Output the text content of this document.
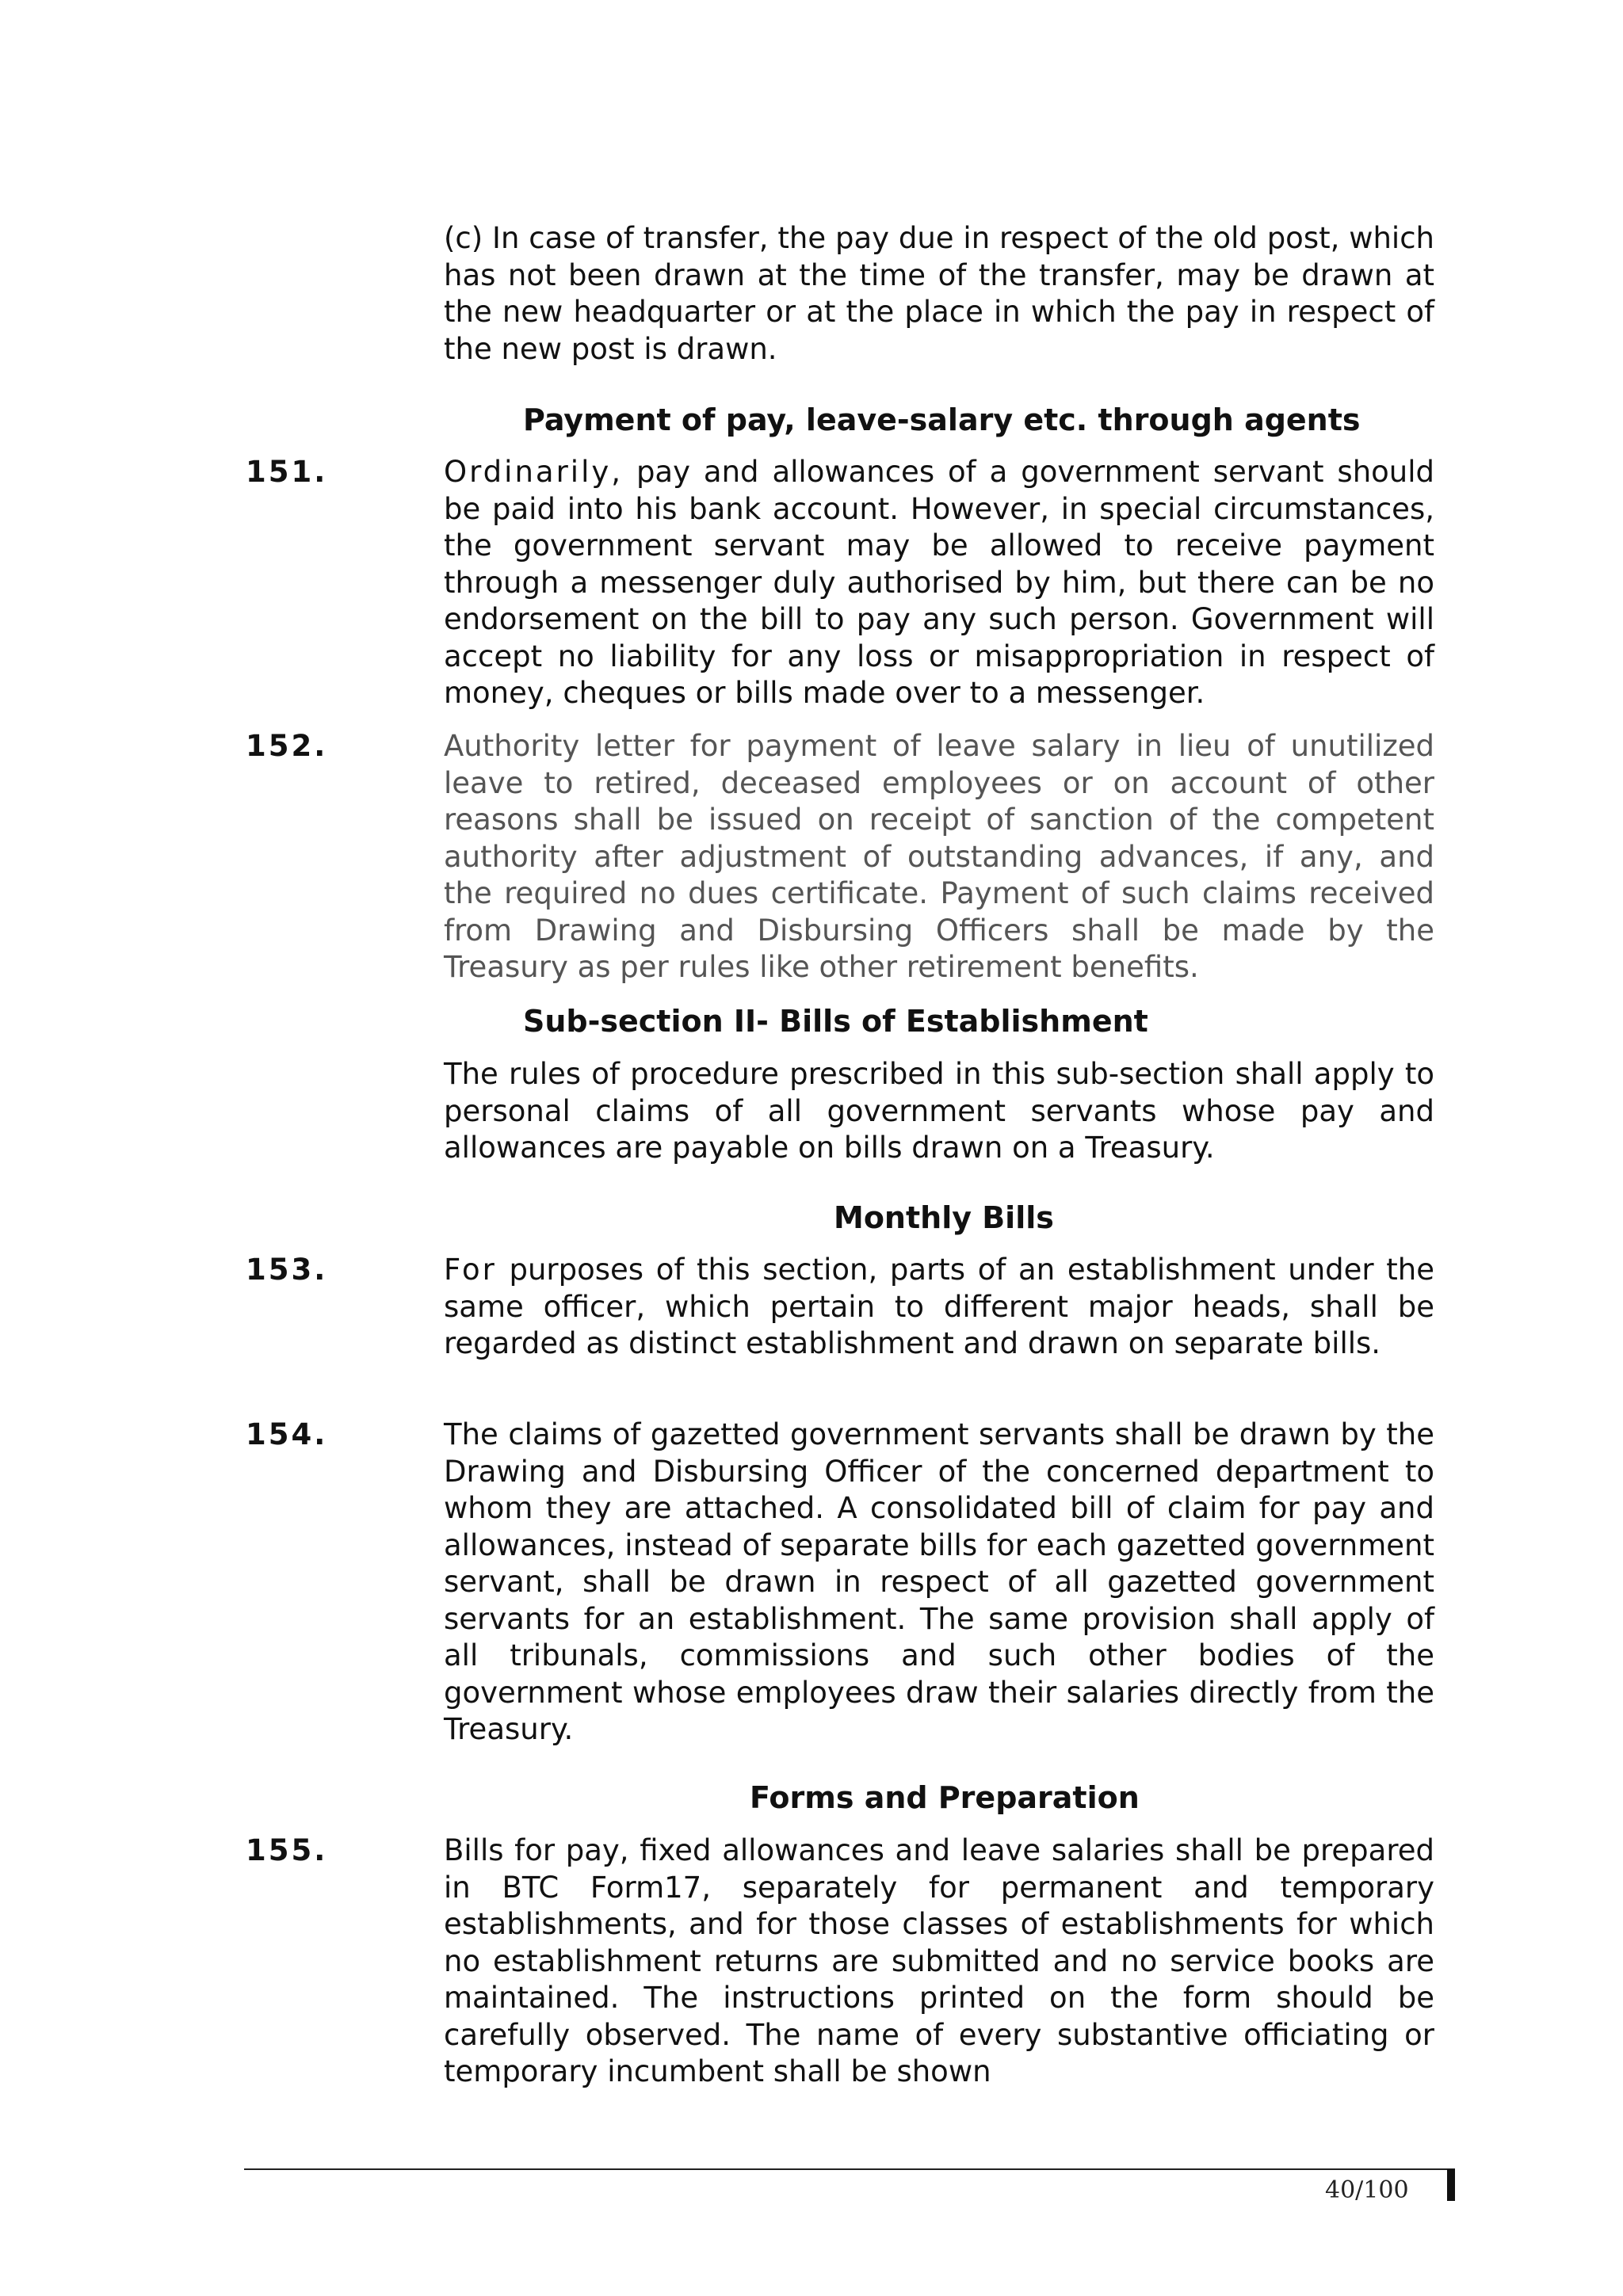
(c) In case of transfer, the pay due in respect of the old post, which has not been drawn at the time of the transfer, may be drawn at the new headquarter or at the place in which the pay in respect of the new post is drawn.

Payment of pay, leave-salary etc. through agents

151.	Ordinarily, pay and allowances of a government servant should be paid into his bank account. However, in special circumstances, the government servant may be allowed to receive payment through a messenger duly authorised by him, but there can be no endorsement on the bill to pay any such person. Government will accept no liability for any loss or misappropriation in respect of money, cheques or bills made over to a messenger.

152.	Authority letter for payment of leave salary in lieu of unutilized leave to retired, deceased employees or on account of other reasons shall be issued on receipt of sanction of the competent authority after adjustment of outstanding advances, if any, and the required no dues certificate. Payment of such claims received from Drawing and Disbursing Officers shall be made by the Treasury as per rules like other retirement benefits.

Sub-section II- Bills of Establishment

The rules of procedure prescribed in this sub-section shall apply to personal claims of all government servants whose pay and allowances are payable on bills drawn on a Treasury.

Monthly Bills

153.	For purposes of this section, parts of an establishment under the same officer, which pertain to different major heads, shall be regarded as distinct establishment and drawn on separate bills.

154.	The claims of gazetted government servants shall be drawn by the Drawing and Disbursing Officer of the concerned department to whom they are attached. A consolidated bill of claim for pay and allowances, instead of separate bills for each gazetted government servant, shall be drawn in respect of all gazetted government servants for an establishment. The same provision shall apply of all tribunals, commissions and such other bodies of the government whose employees draw their salaries directly from the Treasury.

Forms and Preparation

155.	Bills for pay, fixed allowances and leave salaries shall be prepared in BTC Form17, separately for permanent and temporary establishments, and for those classes of establishments for which no establishment returns are submitted and no service books are maintained. The instructions printed on the form should be carefully observed. The name of every substantive officiating or temporary incumbent shall be shown

40/100
